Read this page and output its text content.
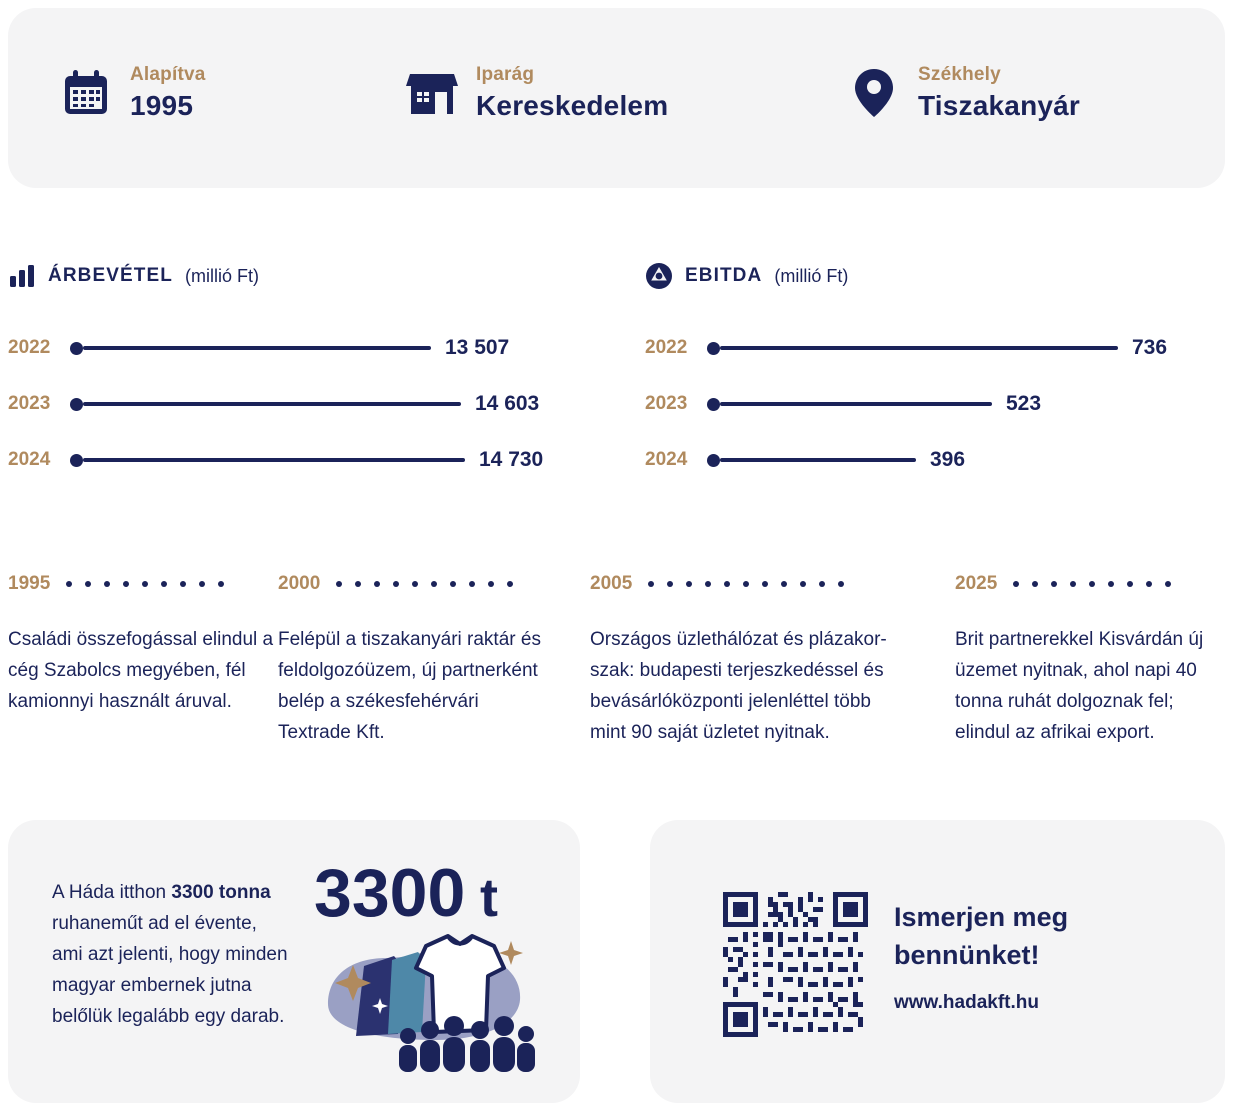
Alapítva
1995
Iparág
Kereskedelem
Székhely
Tiszakanyár
ÁRBEVÉTEL (millió Ft)
2022	13 507
2023	14 603
2024	14 730
EBITDA (millió Ft)
2022	736
2023	523
2024	396
1995
Családi összefogással elindul a cég Szabolcs megyében, fél kamionnyi használt áruval.
2000
Felépül a tiszakanyári raktár és feldolgozóüzem, új partnerként belép a székesfehérvári Textrade Kft.
2005
Országos üzlethálózat és plázakor-szak: budapesti terjeszkedéssel és bevásárlóközponti jelenléttel több mint 90 saját üzletet nyitnak.
2025
Brit partnerekkel Kisvárdán új üzemet nyitnak, ahol napi 40 tonna ruhát dolgoznak fel; elindul az afrikai export.
A Háda itthon 3300 tonna ruhaneműt ad el évente, ami azt jelenti, hogy minden magyar embernek jutna belőlük legalább egy darab.
3300 t	Ismerjen meg bennünket!
www.hadakft.hu
